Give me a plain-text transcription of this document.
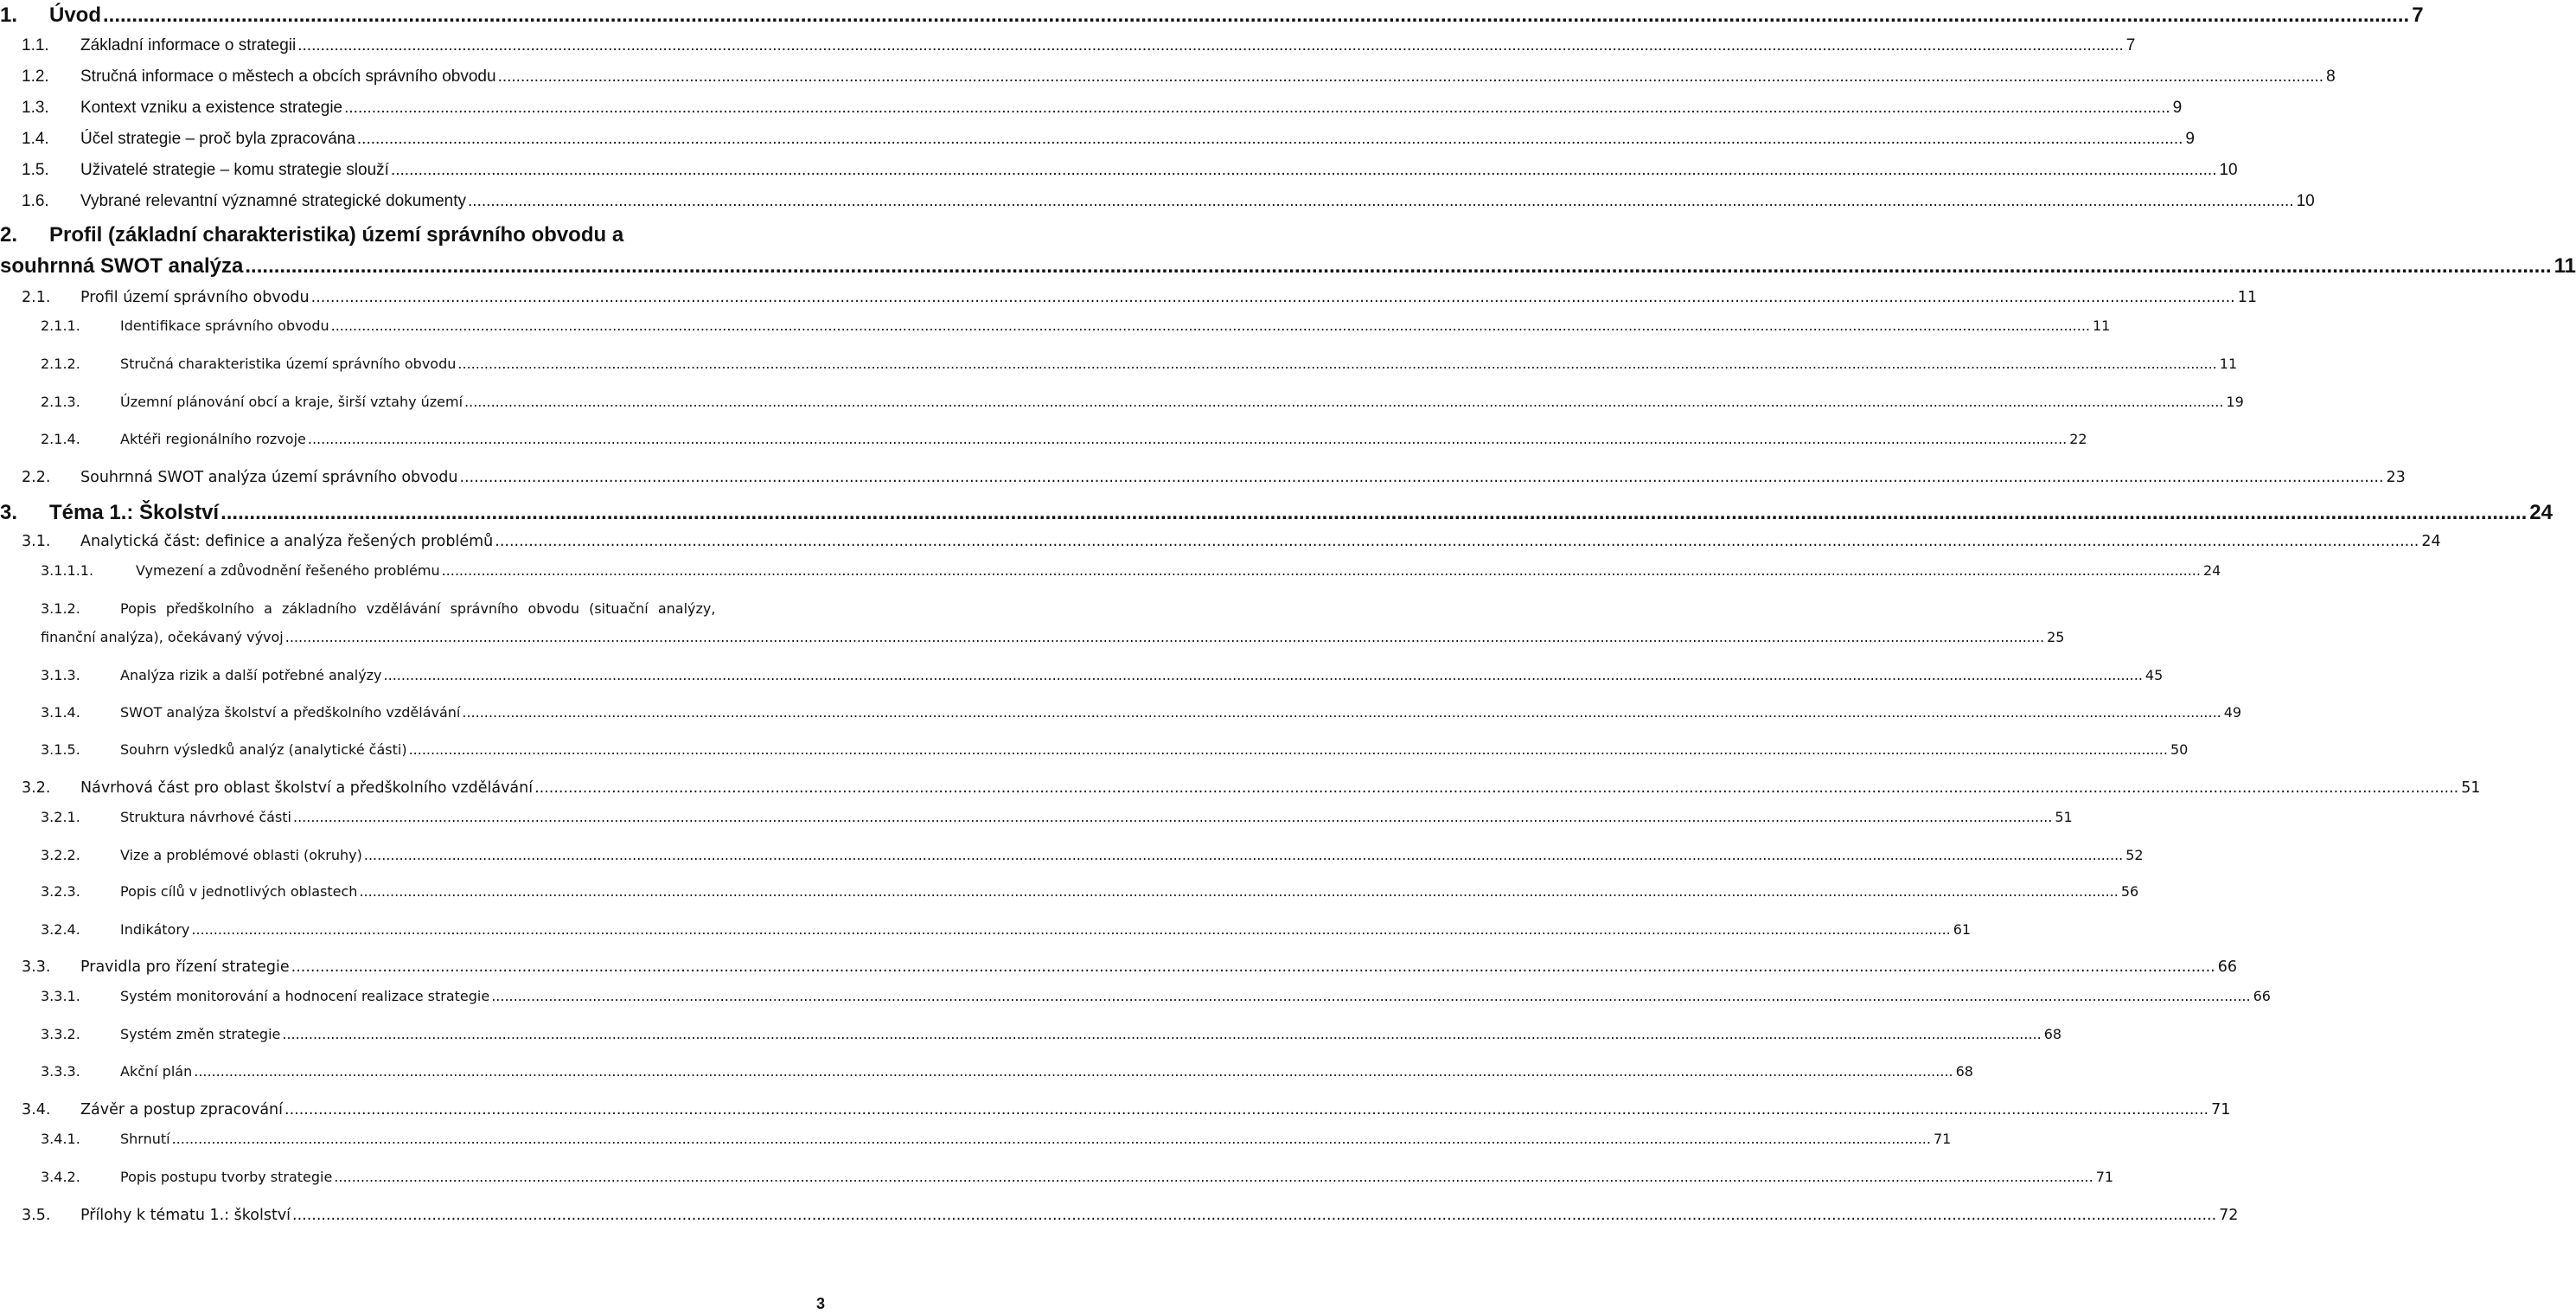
1.	Úvod ................................................................................................................................................................................................................................................................................................................................................................................................................ 7
1.1.	Základní informace o strategii ................................................................................................................................................................................................................................................................................................................................................................................................................ 7
1.2.	Stručná informace o městech a obcích správního obvodu ................................................................................................................................................................................................................................................................................................................................................................................................................ 8
1.3.	Kontext vzniku a existence strategie ................................................................................................................................................................................................................................................................................................................................................................................................................ 9
1.4.	Účel strategie – proč byla zpracována ................................................................................................................................................................................................................................................................................................................................................................................................................ 9
1.5.	Uživatelé strategie – komu strategie slouží ................................................................................................................................................................................................................................................................................................................................................................................................................ 10
1.6.	Vybrané relevantní významné strategické dokumenty ................................................................................................................................................................................................................................................................................................................................................................................................................ 10
2.	Profil (základní charakteristika) území správního obvodu a
souhrnná SWOT analýza ................................................................................................................................................................................................................................................................................................................................................................................................................ 11
2.1.	Profil území správního obvodu ................................................................................................................................................................................................................................................................................................................................................................................................................ 11
2.1.1.	Identifikace správního obvodu ................................................................................................................................................................................................................................................................................................................................................................................................................ 11
2.1.2.	Stručná charakteristika území správního obvodu ................................................................................................................................................................................................................................................................................................................................................................................................................ 11
2.1.3.	Územní plánování obcí a kraje, širší vztahy území ................................................................................................................................................................................................................................................................................................................................................................................................................ 19
2.1.4.	Aktéři regionálního rozvoje ................................................................................................................................................................................................................................................................................................................................................................................................................ 22
2.2.	Souhrnná SWOT analýza území správního obvodu ................................................................................................................................................................................................................................................................................................................................................................................................................ 23
3.	Téma 1.: Školství ................................................................................................................................................................................................................................................................................................................................................................................................................ 24
3.1.	Analytická část: definice a analýza řešených problémů ................................................................................................................................................................................................................................................................................................................................................................................................................ 24
3.1.1.1.	Vymezení a zdůvodnění řešeného problému ................................................................................................................................................................................................................................................................................................................................................................................................................ 24
3.1.2.	Popis předškolního a základního vzdělávání správního obvodu (situační analýzy,
finanční analýza), očekávaný vývoj ................................................................................................................................................................................................................................................................................................................................................................................................................ 25
3.1.3.	Analýza rizik a další potřebné analýzy ................................................................................................................................................................................................................................................................................................................................................................................................................ 45
3.1.4.	SWOT analýza školství a předškolního vzdělávání ................................................................................................................................................................................................................................................................................................................................................................................................................ 49
3.1.5.	Souhrn výsledků analýz (analytické části) ................................................................................................................................................................................................................................................................................................................................................................................................................ 50
3.2.	Návrhová část pro oblast školství a předškolního vzdělávání ................................................................................................................................................................................................................................................................................................................................................................................................................ 51
3.2.1.	Struktura návrhové části ................................................................................................................................................................................................................................................................................................................................................................................................................ 51
3.2.2.	Vize a problémové oblasti (okruhy) ................................................................................................................................................................................................................................................................................................................................................................................................................ 52
3.2.3.	Popis cílů v jednotlivých oblastech ................................................................................................................................................................................................................................................................................................................................................................................................................ 56
3.2.4.	Indikátory ................................................................................................................................................................................................................................................................................................................................................................................................................ 61
3.3.	Pravidla pro řízení strategie ................................................................................................................................................................................................................................................................................................................................................................................................................ 66
3.3.1.	Systém monitorování a hodnocení realizace strategie ................................................................................................................................................................................................................................................................................................................................................................................................................ 66
3.3.2.	Systém změn strategie ................................................................................................................................................................................................................................................................................................................................................................................................................ 68
3.3.3.	Akční plán ................................................................................................................................................................................................................................................................................................................................................................................................................ 68
3.4.	Závěr a postup zpracování ................................................................................................................................................................................................................................................................................................................................................................................................................ 71
3.4.1.	Shrnutí ................................................................................................................................................................................................................................................................................................................................................................................................................ 71
3.4.2.	Popis postupu tvorby strategie ................................................................................................................................................................................................................................................................................................................................................................................................................ 71
3.5.	Přílohy k tématu 1.: školství ................................................................................................................................................................................................................................................................................................................................................................................................................ 72
3
